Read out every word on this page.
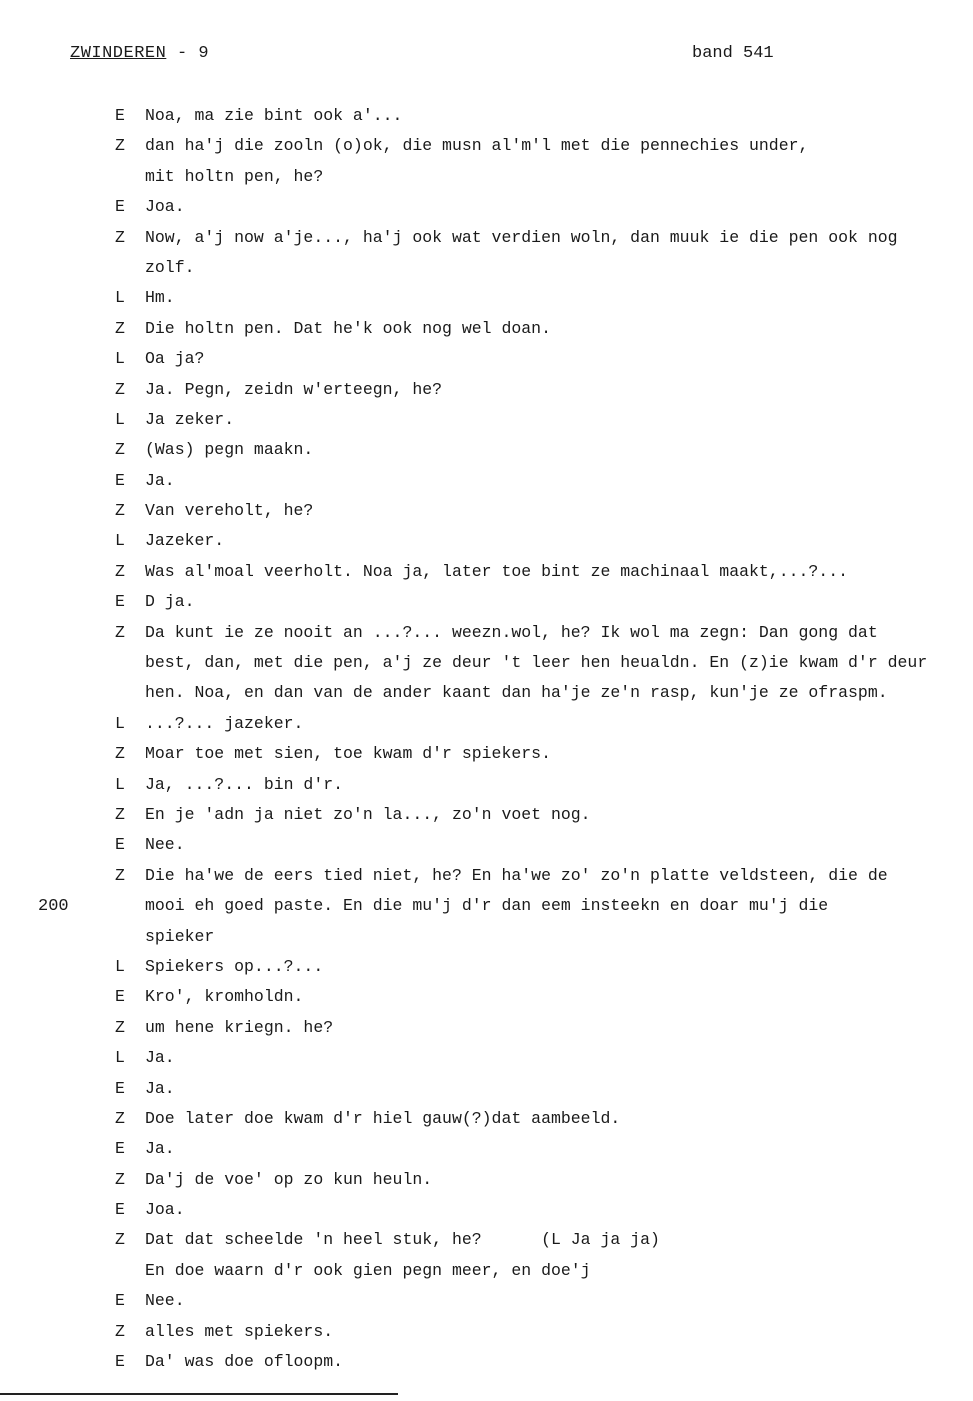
ZWINDEREN - 9	band 541
200
E Noa, ma zie bint ook a'...
Z dan ha'j die zooln (o)ok, die musn al'm'l met die pennechies under,
mit holtn pen, he?
E Joa.
Z Now, a'j now a'je..., ha'j ook wat verdien woln, dan muuk ie die pen ook nog
zolf.
L Hm.
Z Die holtn pen. Dat he'k ook nog wel doan.
L Oa ja?
Z Ja. Pegn, zeidn w'erteegn, he?
L Ja zeker.
Z (Was) pegn maakn.
E Ja.
Z Van vereholt, he?
L Jazeker.
Z Was al'moal veerholt. Noa ja, later toe bint ze machinaal maakt,...?...
E D ja.
Z Da kunt ie ze nooit an ...?... weezn.wol, he? Ik wol ma zegn: Dan gong dat
best, dan, met die pen, a'j ze deur 't leer hen heualdn. En (z)ie kwam d'r deur
hen. Noa, en dan van de ander kaant dan ha'je ze'n rasp, kun'je ze ofraspm.
L ...?... jazeker.
Z Moar toe met sien, toe kwam d'r spiekers.
L Ja, ...?... bin d'r.
Z En je 'adn ja niet zo'n la..., zo'n voet nog.
E Nee.
Z Die ha'we de eers tied niet, he? En ha'we zo' zo'n platte veldsteen, die de
mooi eh goed paste. En die mu'j d'r dan eem insteekn en doar mu'j die
spieker
L Spiekers op...?...
E Kro', kromholdn.
Z um hene kriegn. he?
L Ja.
E Ja.
Z Doe later doe kwam d'r hiel gauw(?)dat aambeeld.
E Ja.
Z Da'j de voe' op zo kun heuln.
E Joa.
Z Dat dat scheelde 'n heel stuk, he?      (L Ja ja ja)
En doe waarn d'r ook gien pegn meer, en doe'j
E Nee.
Z alles met spiekers.
E Da' was doe ofloopm.
